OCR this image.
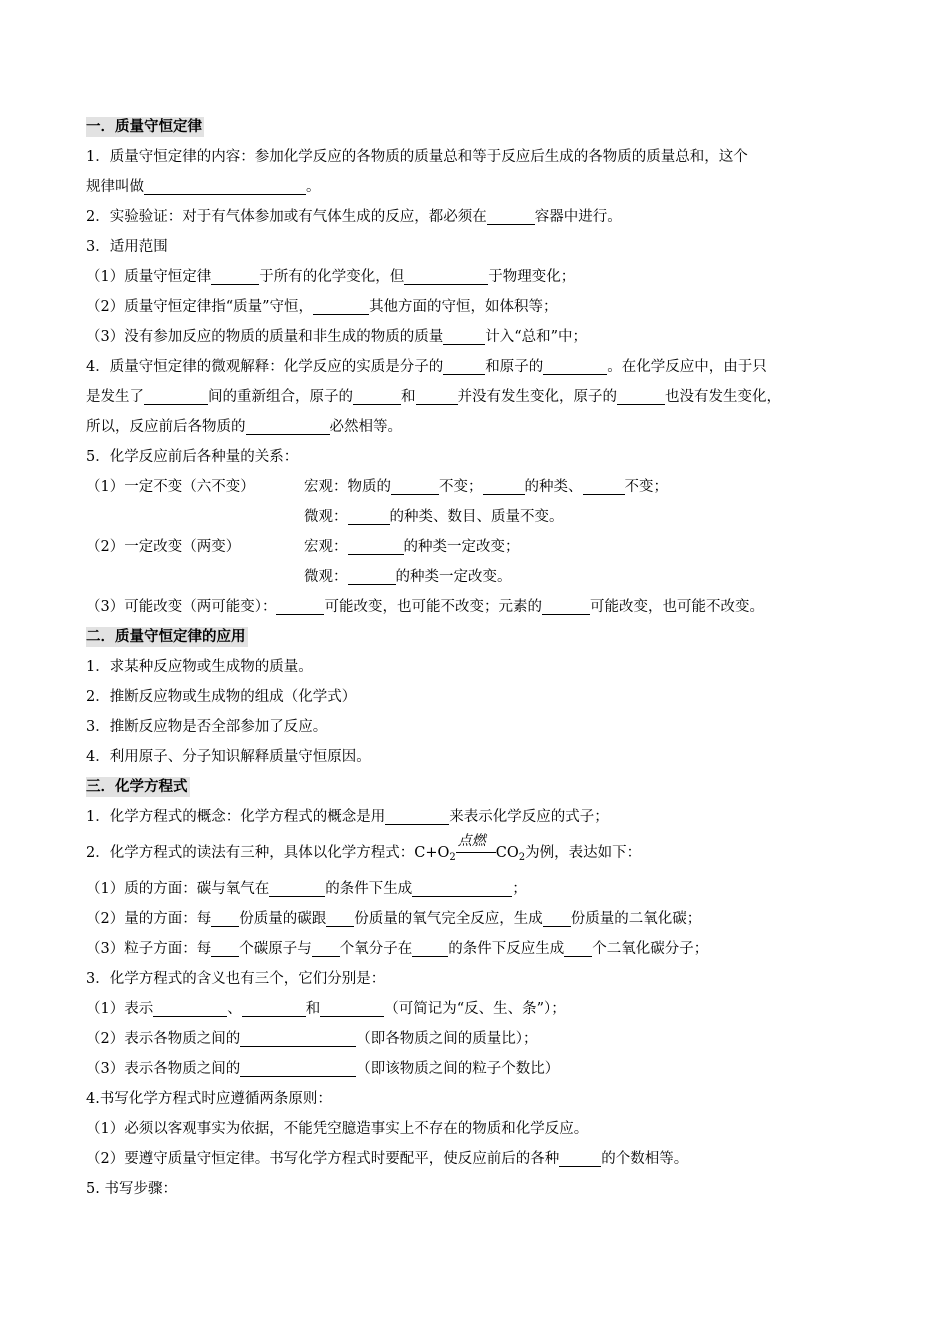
一．质量守恒定律
1．质量守恒定律的内容：参加化学反应的各物质的质量总和等于反应后生成的各物质的质量总和，这个
规律叫做	。
2．实验验证：对于有气体参加或有气体生成的反应，都必须在	容器中进行。
3．适用范围
（1）质量守恒定律	于所有的化学变化，但	于物理变化；
（2）质量守恒定律指“质量”守恒，	其他方面的守恒，如体积等；
（3）没有参加反应的物质的质量和非生成的物质的质量	计入“总和”中；
4．质量守恒定律的微观解释：化学反应的实质是分子的	和原子的	。在化学反应中，由于只
是发生了	间的重新组合，原子的	和	并没有发生变化，原子的	也没有发生变化，
所以，反应前后各物质的	必然相等。
5．化学反应前后各种量的关系：
（1）一定不变（六不变）	宏观：物质的	不变；	的种类、	不变；
微观：	的种类、数目、质量不变。
（2）一定改变（两变）	宏观：	的种类一定改变；
微观：	的种类一定改变。
（3）可能改变（两可能变）：	可能改变，也可能不改变；元素的	可能改变，也可能不改变。
二．质量守恒定律的应用
1．求某种反应物或生成物的质量。
2．推断反应物或生成物的组成（化学式）
3．推断反应物是否全部参加了反应。
4．利用原子、分子知识解释质量守恒原因。
三．化学方程式
1．化学方程式的概念：化学方程式的概念是用	来表示化学反应的式子；
2．化学方程式的读法有三种，具体以化学方程式：$C+O_2$
点燃
$CO_2$为例，表达如下：
（1）质的方面：碳与氧气在	的条件下生成	；
（2）量的方面：每 份质量的碳跟 份质量的氧气完全反应，生成 份质量的二氧化碳；
（3）粒子方面：每 个碳原子与 个氧分子在 的条件下反应生成 个二氧化碳分子；
3．化学方程式的含义也有三个，它们分别是：
（1）表示	、	和	（可简记为“反、生、条”）；
（2）表示各物质之间的	（即各物质之间的质量比）；
（3）表示各物质之间的	（即该物质之间的粒子个数比）
4.书写化学方程式时应遵循两条原则：
（1）必须以客观事实为依据，不能凭空臆造事实上不存在的物质和化学反应。
（2）要遵守质量守恒定律。书写化学方程式时要配平，使反应前后的各种	的个数相等。
5. 书写步骤：
